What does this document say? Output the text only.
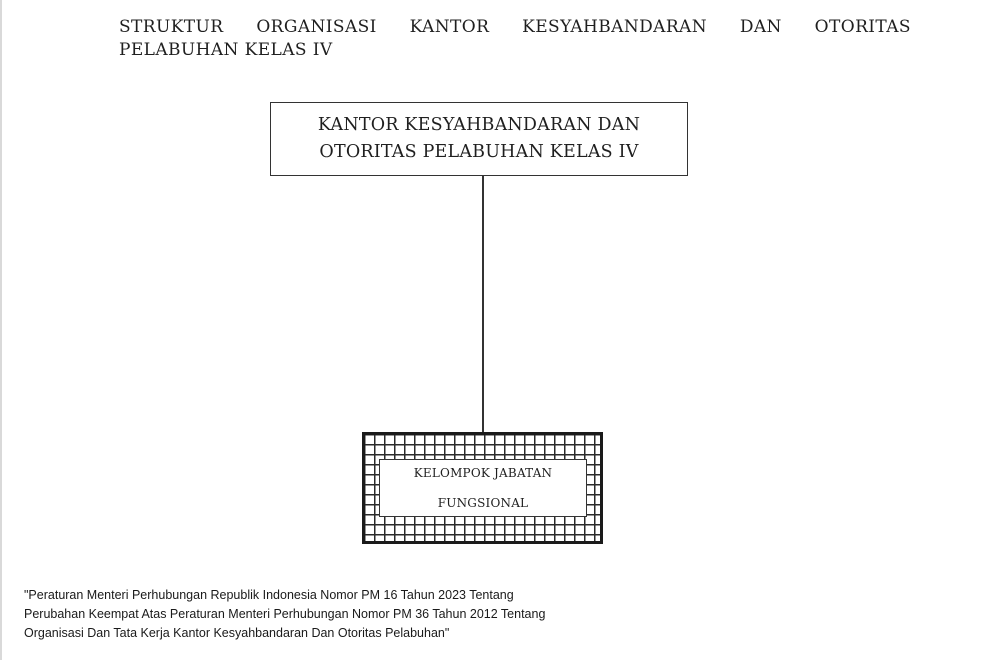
STRUKTUR ORGANISASI KANTOR KESYAHBANDARAN DAN OTORITAS
PELABUHAN KELAS IV
KANTOR KESYAHBANDARAN DAN
OTORITAS PELABUHAN KELAS IV
KELOMPOK JABATAN
FUNGSIONAL
"Peraturan Menteri Perhubungan Republik Indonesia Nomor PM 16 Tahun 2023 Tentang
Perubahan Keempat Atas Peraturan Menteri Perhubungan Nomor PM 36 Tahun 2012 Tentang
Organisasi Dan Tata Kerja Kantor Kesyahbandaran Dan Otoritas Pelabuhan"
